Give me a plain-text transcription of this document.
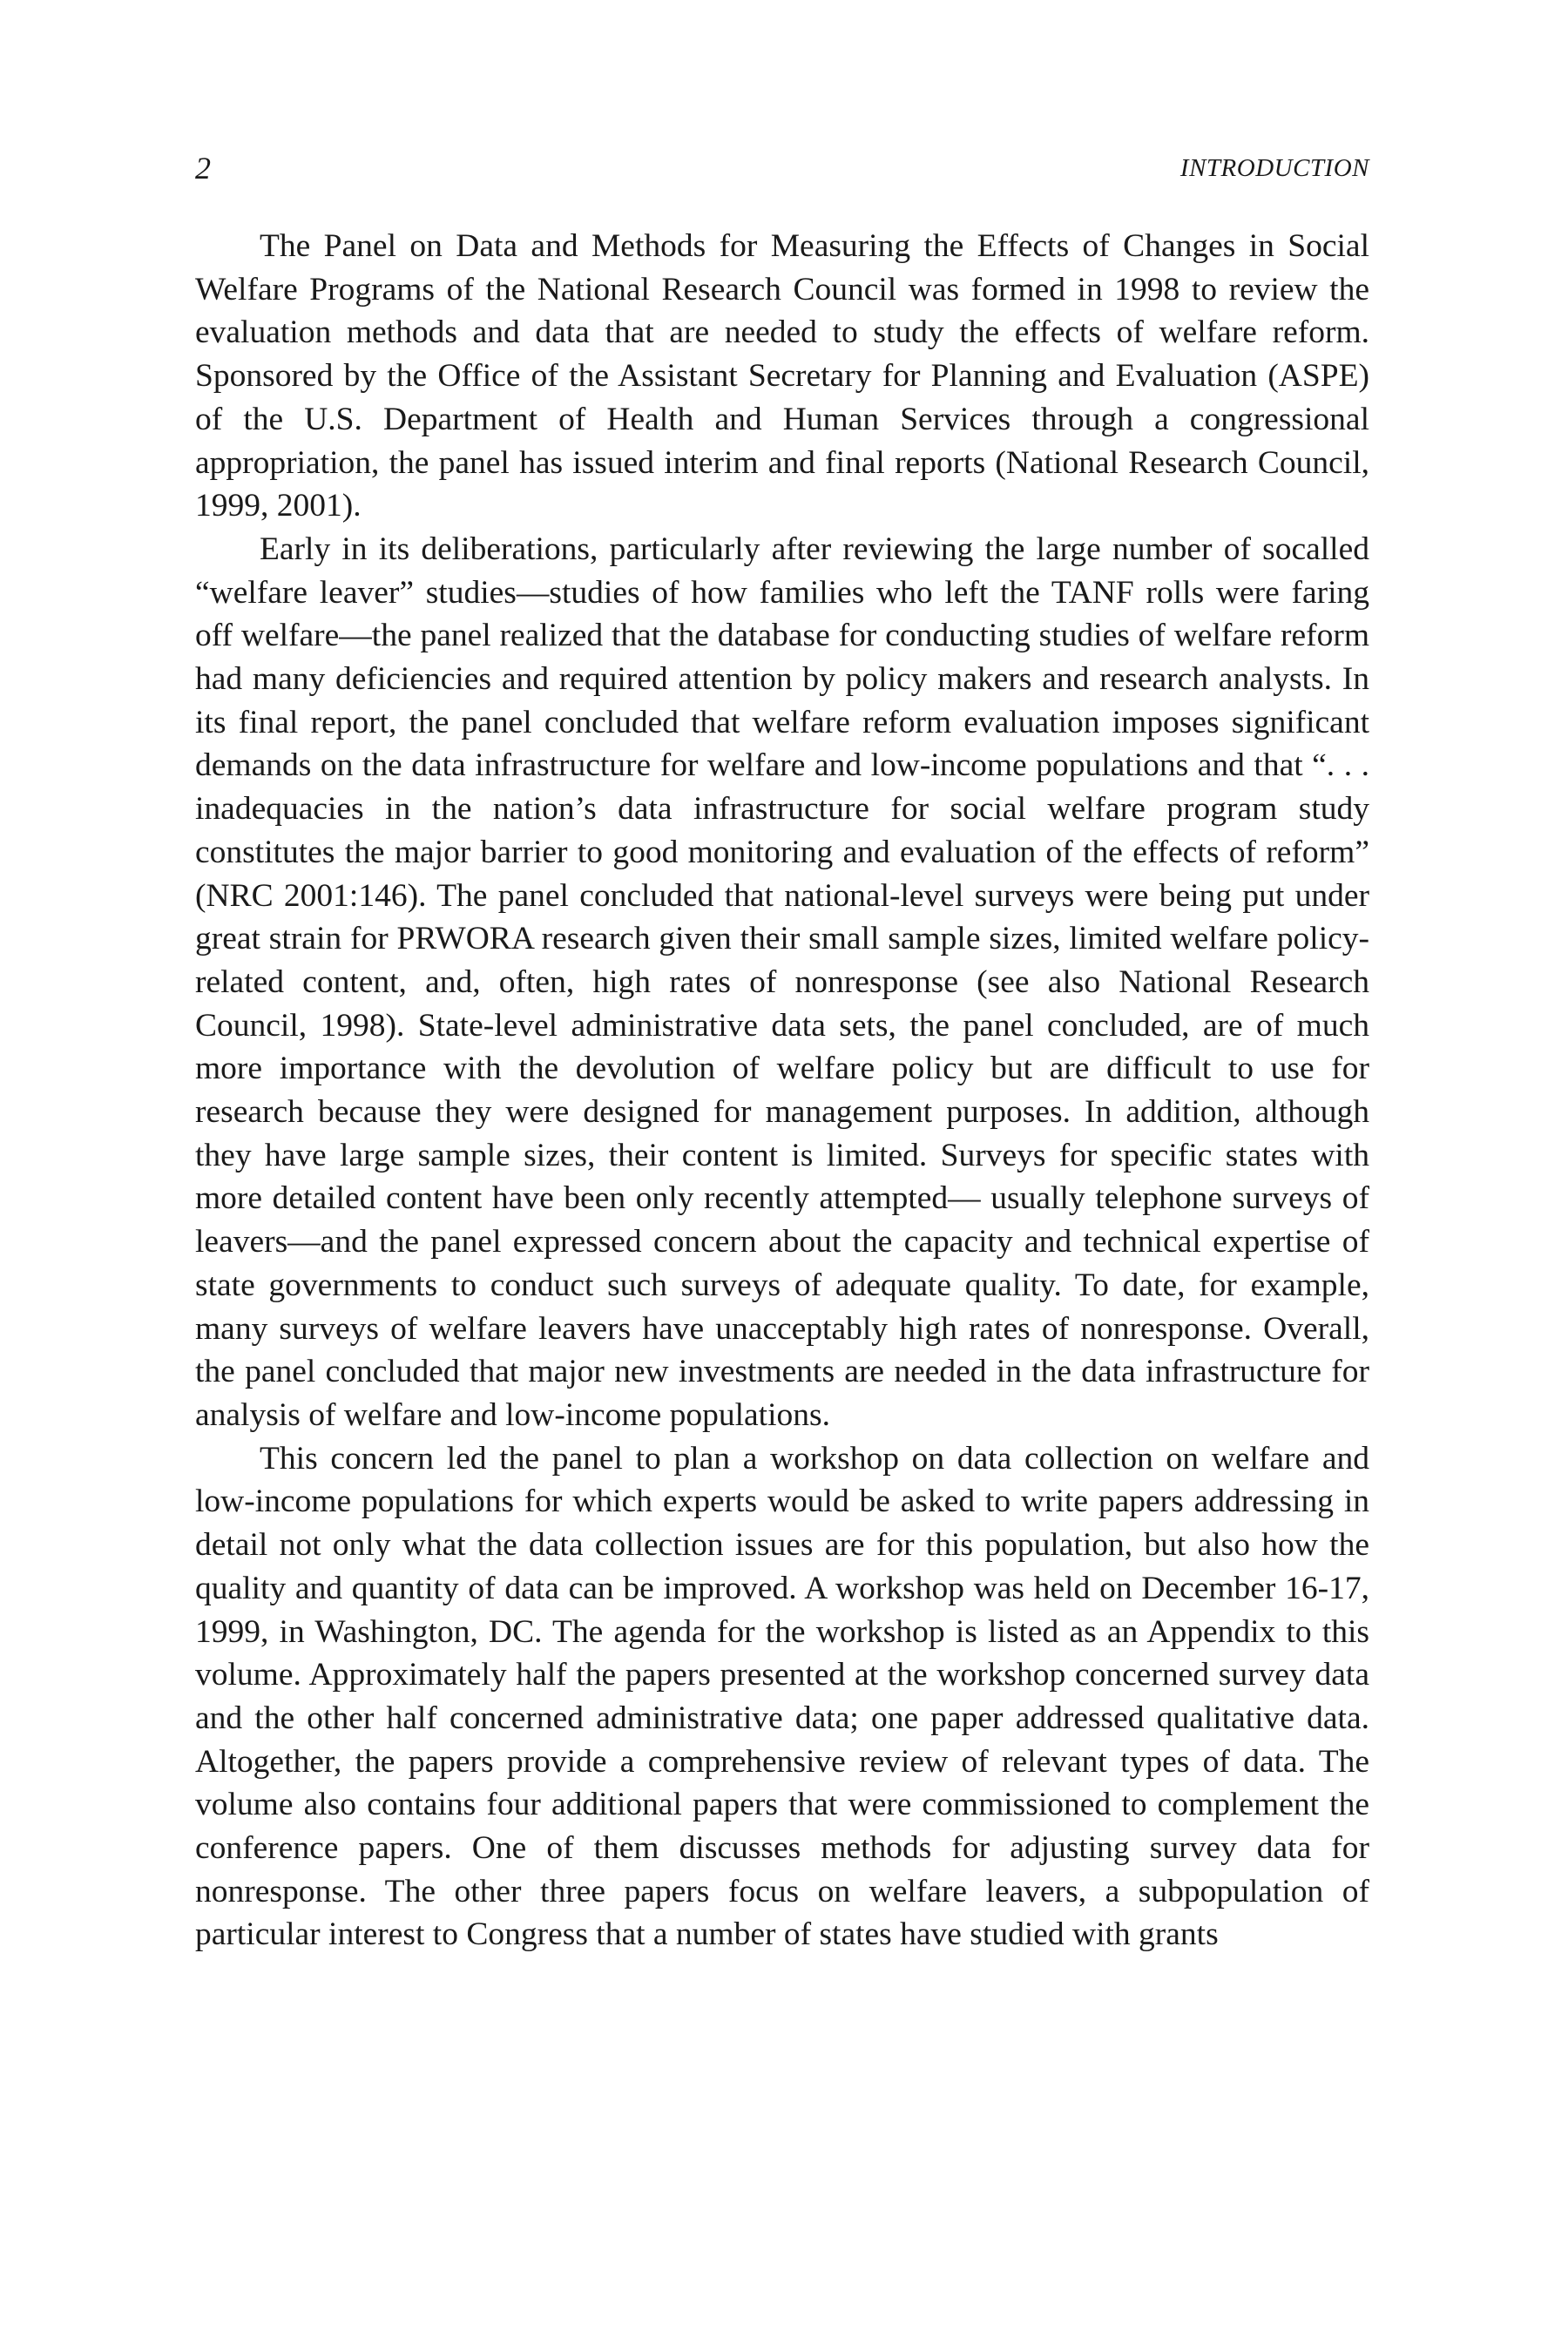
2	INTRODUCTION

The Panel on Data and Methods for Measuring the Effects of Changes in Social Welfare Programs of the National Research Council was formed in 1998 to review the evaluation methods and data that are needed to study the effects of welfare reform. Sponsored by the Office of the Assistant Secretary for Planning and Evaluation (ASPE) of the U.S. Department of Health and Human Services through a congressional appropriation, the panel has issued interim and final reports (National Research Council, 1999, 2001).

Early in its deliberations, particularly after reviewing the large number of socalled “welfare leaver” studies—studies of how families who left the TANF rolls were faring off welfare—the panel realized that the database for conducting studies of welfare reform had many deficiencies and required attention by policy makers and research analysts. In its final report, the panel concluded that welfare reform evaluation imposes significant demands on the data infrastructure for welfare and low-income populations and that “. . . inadequacies in the nation’s data infrastructure for social welfare program study constitutes the major barrier to good monitoring and evaluation of the effects of reform” (NRC 2001:146). The panel concluded that national-level surveys were being put under great strain for PRWORA research given their small sample sizes, limited welfare policy-related content, and, often, high rates of nonresponse (see also National Research Council, 1998). State-level administrative data sets, the panel concluded, are of much more importance with the devolution of welfare policy but are difficult to use for research because they were designed for management purposes. In addition, although they have large sample sizes, their content is limited. Surveys for specific states with more detailed content have been only recently attempted— usually telephone surveys of leavers—and the panel expressed concern about the capacity and technical expertise of state governments to conduct such surveys of adequate quality. To date, for example, many surveys of welfare leavers have unacceptably high rates of nonresponse. Overall, the panel concluded that major new investments are needed in the data infrastructure for analysis of welfare and low-income populations.

This concern led the panel to plan a workshop on data collection on welfare and low-income populations for which experts would be asked to write papers addressing in detail not only what the data collection issues are for this population, but also how the quality and quantity of data can be improved. A workshop was held on December 16-17, 1999, in Washington, DC. The agenda for the workshop is listed as an Appendix to this volume. Approximately half the papers presented at the workshop concerned survey data and the other half concerned administrative data; one paper addressed qualitative data. Altogether, the papers provide a comprehensive review of relevant types of data. The volume also contains four additional papers that were commissioned to complement the conference papers. One of them discusses methods for adjusting survey data for nonresponse. The other three papers focus on welfare leavers, a subpopulation of particular interest to Congress that a number of states have studied with grants
